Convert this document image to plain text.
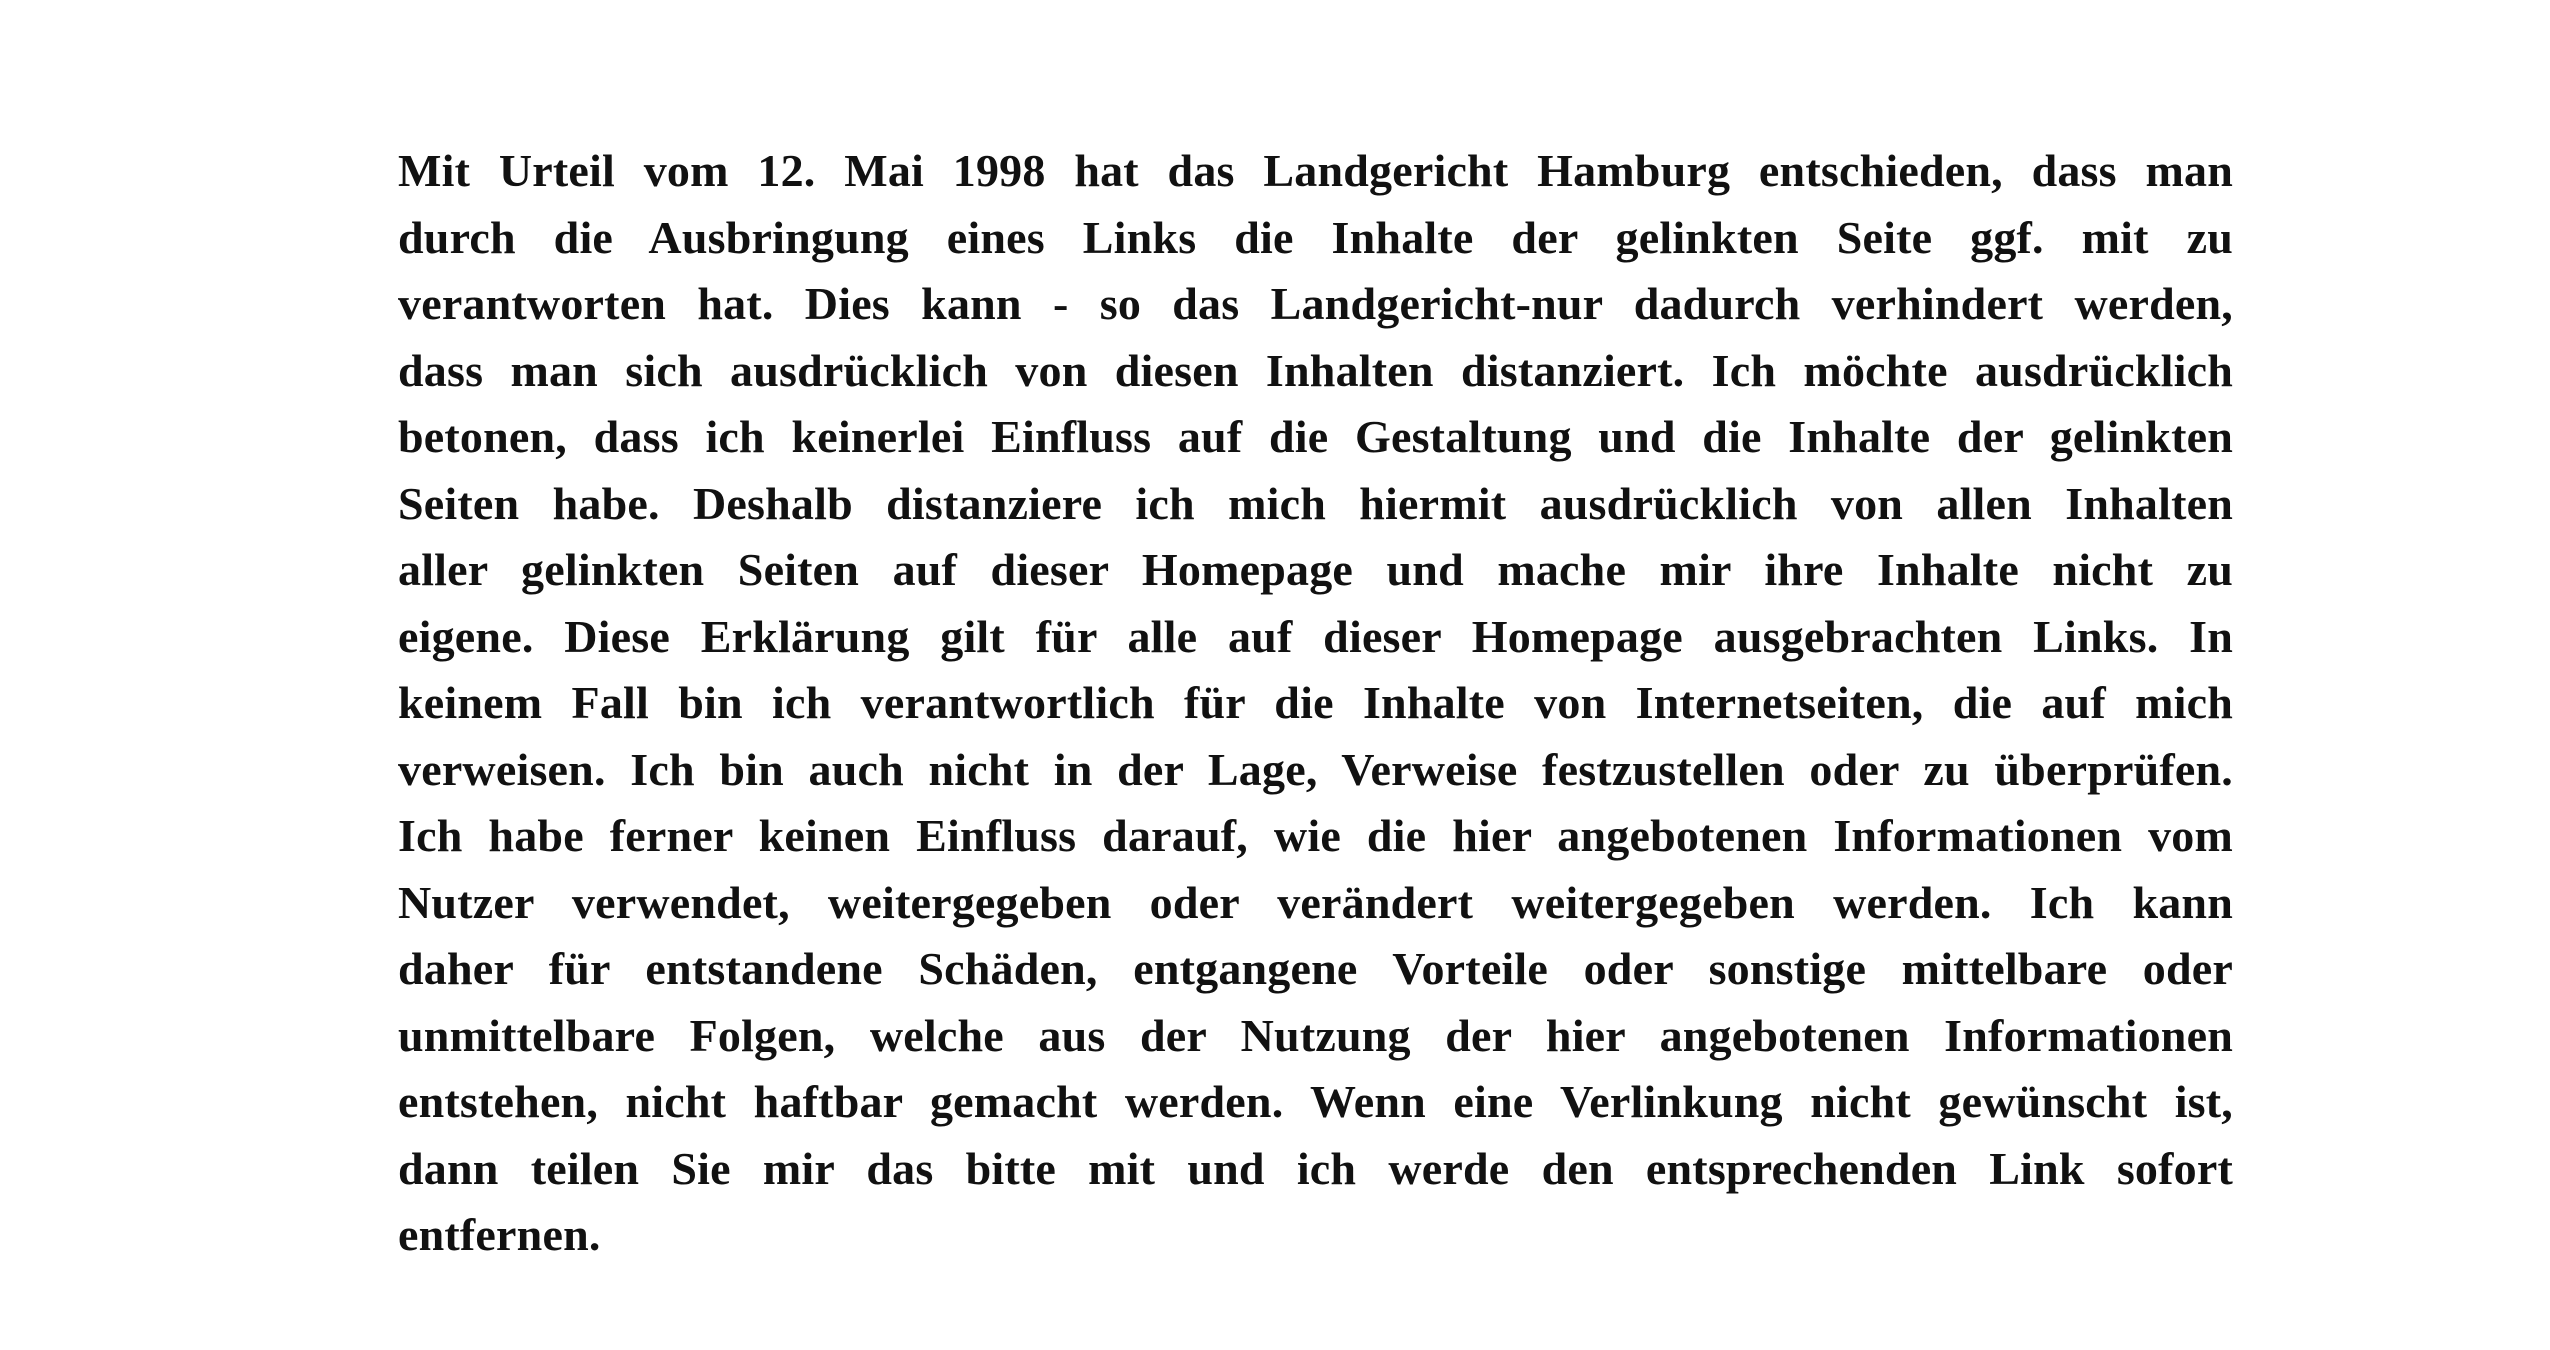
Mit Urteil vom 12. Mai 1998 hat das Landgericht Hamburg entschieden, dass man
durch die Ausbringung eines Links die Inhalte der gelinkten Seite ggf. mit zu
verantworten hat. Dies kann - so das Landgericht-nur dadurch verhindert werden,
dass man sich ausdrücklich von diesen Inhalten distanziert. Ich möchte ausdrücklich
betonen, dass ich keinerlei Einfluss auf die Gestaltung und die Inhalte der gelinkten
Seiten habe. Deshalb distanziere ich mich hiermit ausdrücklich von allen Inhalten
aller gelinkten Seiten auf dieser Homepage und mache mir ihre Inhalte nicht zu
eigene. Diese Erklärung gilt für alle auf dieser Homepage ausgebrachten Links. In
keinem Fall bin ich verantwortlich für die Inhalte von Internetseiten, die auf mich
verweisen. Ich bin auch nicht in der Lage, Verweise festzustellen oder zu überprüfen.
Ich habe ferner keinen Einfluss darauf, wie die hier angebotenen Informationen vom
Nutzer verwendet, weitergegeben oder verändert weitergegeben werden. Ich kann
daher für entstandene Schäden, entgangene Vorteile oder sonstige mittelbare oder
unmittelbare Folgen, welche aus der Nutzung der hier angebotenen Informationen
entstehen, nicht haftbar gemacht werden. Wenn eine Verlinkung nicht gewünscht ist,
dann teilen Sie mir das bitte mit und ich werde den entsprechenden Link sofort
entfernen.
